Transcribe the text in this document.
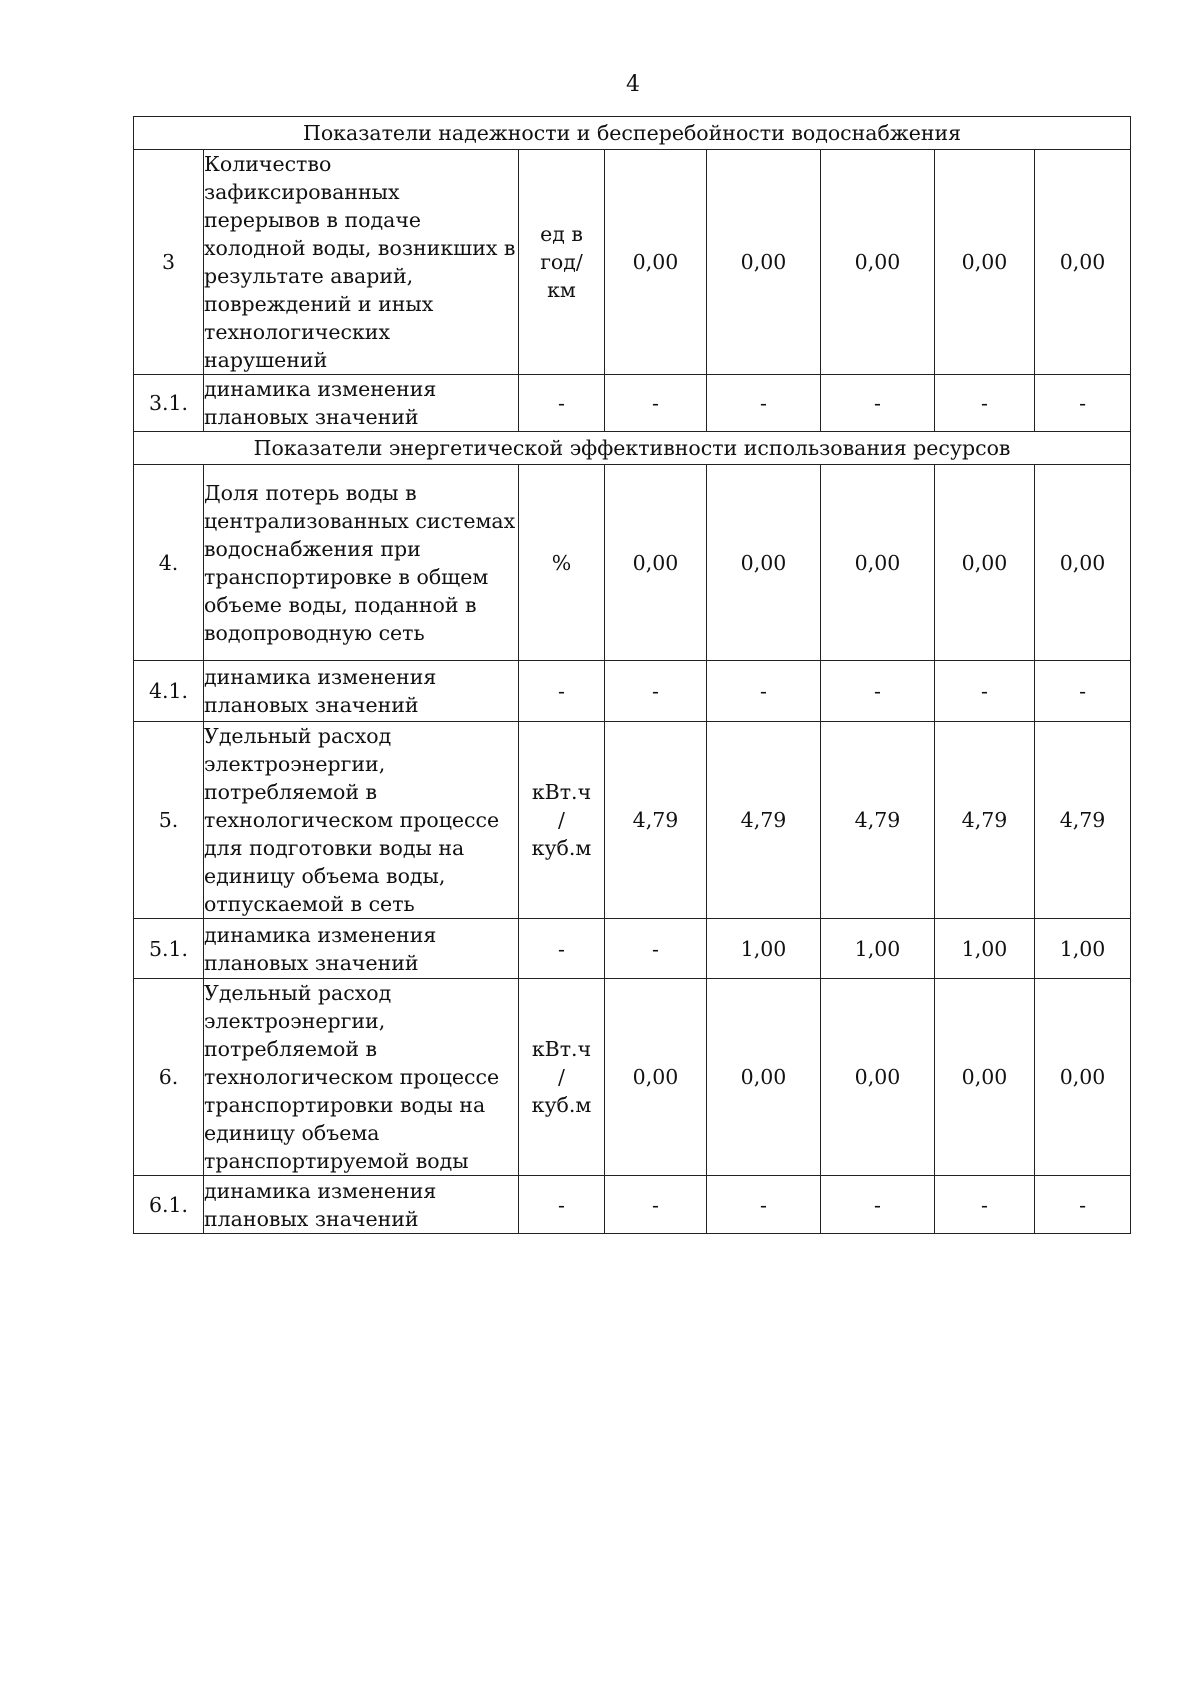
4
Показатели надежности и бесперебойности водоснабжения							
3	Количество зафиксированных перерывов в подаче холодной воды, возникших в результате аварий, повреждений и иных технологических нарушений	ед в
год/
км	0,00	0,00	0,00	0,00	0,00
3.1.	динамика изменения плановых значений	-	-	-	-	-	-
Показатели энергетической эффективности использования ресурсов							
4.	Доля потерь воды в централизованных системах водоснабжения при транспортировке в общем объеме воды, поданной в водопроводную сеть	%	0,00	0,00	0,00	0,00	0,00
4.1.	динамика изменения плановых значений	-	-	-	-	-	-
5.	Удельный расход электроэнергии, потребляемой в технологическом процессе для подготовки воды на единицу объема воды, отпускаемой в сеть	кВт.ч
/
куб.м	4,79	4,79	4,79	4,79	4,79
5.1.	динамика изменения плановых значений	-	-	1,00	1,00	1,00	1,00
6.	Удельный расход электроэнергии, потребляемой в технологическом процессе транспортировки воды на единицу объема транспортируемой воды	кВт.ч
/
куб.м	0,00	0,00	0,00	0,00	0,00
6.1.	динамика изменения плановых значений	-	-	-	-	-	-
